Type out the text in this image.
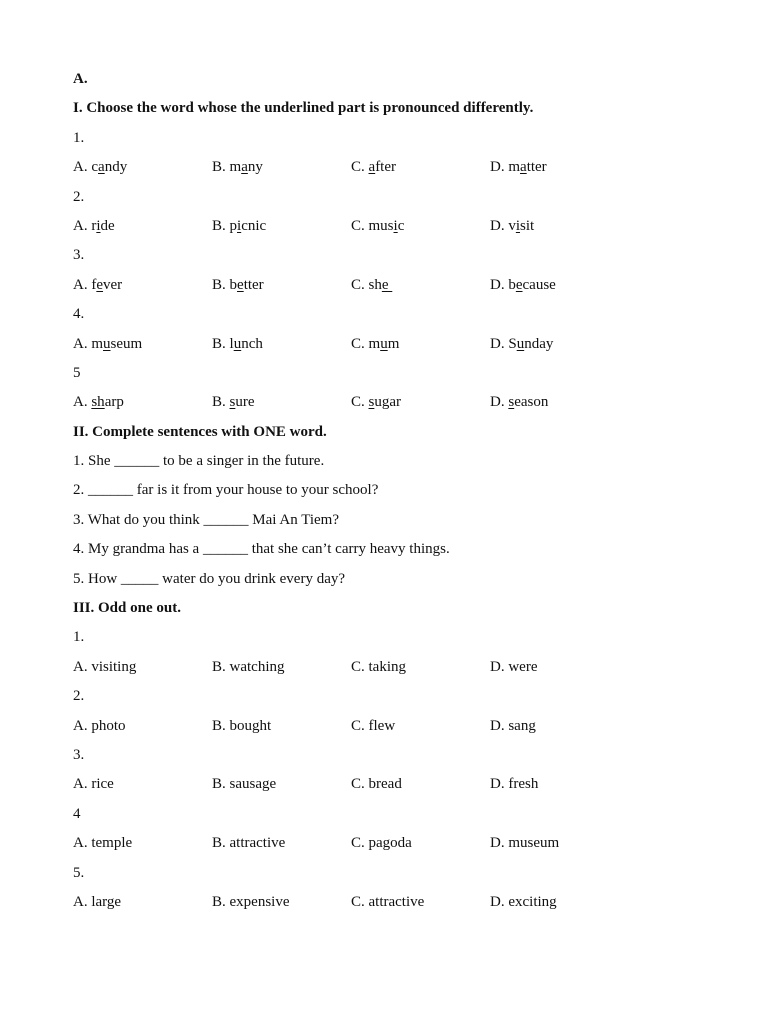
A.
I. Choose the word whose the underlined part is pronounced differently.
1.
A. candy	B. many	C. after	D. matter
2.
A. ride	B. picnic	C. music	D. visit
3.
A. fever	B. better	C. she	D. because
4.
A. museum	B. lunch	C. mum	D. Sunday
5
A. sharp	B. sure	C. sugar	D. season
II. Complete sentences with ONE word.
1. She ______ to be a singer in the future.
2. ______ far is it from your house to your school?
3. What do you think ______ Mai An Tiem?
4. My grandma has a ______ that she can’t carry heavy things.
5. How _____ water do you drink every day?
III. Odd one out.
1.
A. visiting	B. watching	C. taking	D. were
2.
A. photo	B. bought	C. flew	D. sang
3.
A. rice	B. sausage	C. bread	D. fresh
4
A. temple	B. attractive	C. pagoda	D. museum
5.
A. large	B. expensive	C. attractive	D. exciting
